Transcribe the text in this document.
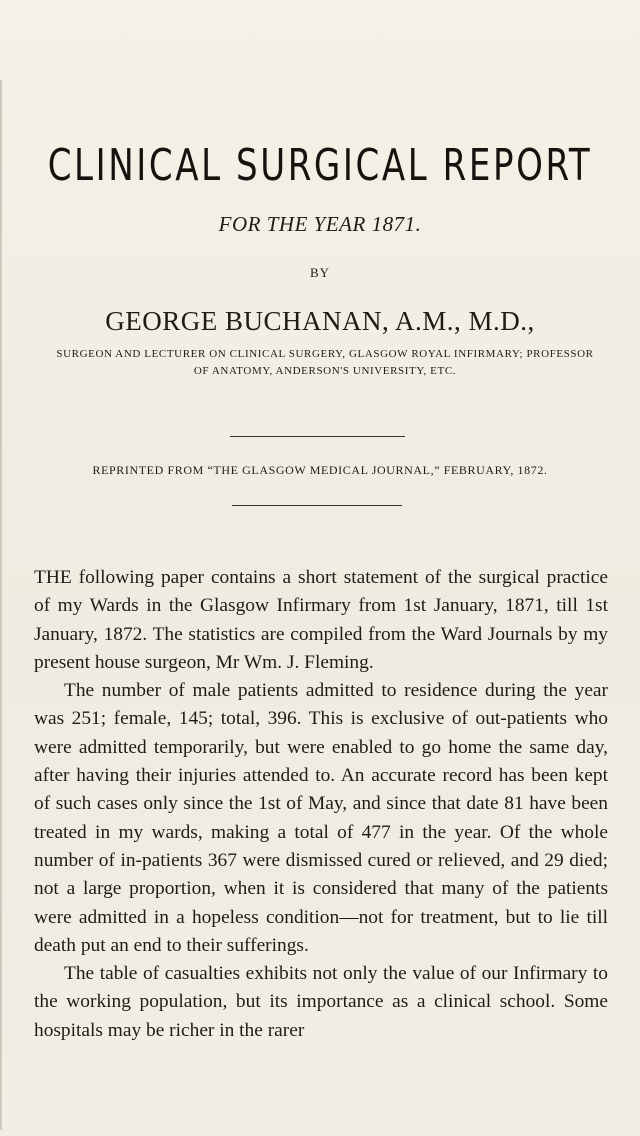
CLINICAL SURGICAL REPORT
FOR THE YEAR 1871.
BY
GEORGE BUCHANAN, A.M., M.D.,
SURGEON AND LECTURER ON CLINICAL SURGERY, GLASGOW ROYAL INFIRMARY; PROFESSOR OF ANATOMY, ANDERSON'S UNIVERSITY, ETC.
REPRINTED FROM “THE GLASGOW MEDICAL JOURNAL,” FEBRUARY, 1872.

THE following paper contains a short statement of the surgical practice of my Wards in the Glasgow Infirmary from 1st January, 1871, till 1st January, 1872. The statistics are compiled from the Ward Journals by my present house surgeon, Mr Wm. J. Fleming.

The number of male patients admitted to residence during the year was 251; female, 145; total, 396. This is exclusive of out-patients who were admitted temporarily, but were enabled to go home the same day, after having their injuries attended to. An accurate record has been kept of such cases only since the 1st of May, and since that date 81 have been treated in my wards, making a total of 477 in the year. Of the whole number of in-patients 367 were dismissed cured or relieved, and 29 died; not a large proportion, when it is considered that many of the patients were admitted in a hopeless condition—not for treatment, but to lie till death put an end to their sufferings.

The table of casualties exhibits not only the value of our Infirmary to the working population, but its importance as a clinical school. Some hospitals may be richer in the rarer
